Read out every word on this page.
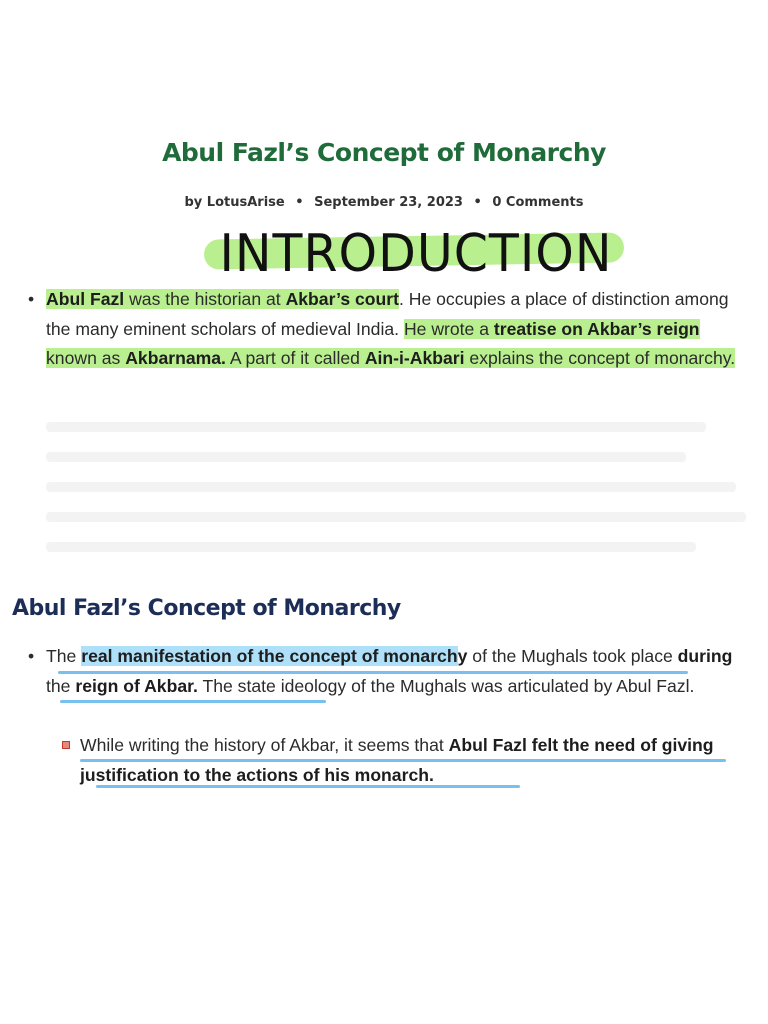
Abul Fazl’s Concept of Monarchy
by LotusArise • September 23, 2023 • 0 Comments
INTRODUCTION
• Abul Fazl was the historian at Akbar’s court. He occupies a place of distinction among the many eminent scholars of medieval India. He wrote a treatise on Akbar’s reign known as Akbarnama. A part of it called Ain-i-Akbari explains the concept of monarchy.
Abul Fazl’s Concept of Monarchy
• The real manifestation of the concept of monarchy of the Mughals took place during the reign of Akbar. The state ideology of the Mughals was articulated by Abul Fazl.
While writing the history of Akbar, it seems that Abul Fazl felt the need of giving justification to the actions of his monarch.
